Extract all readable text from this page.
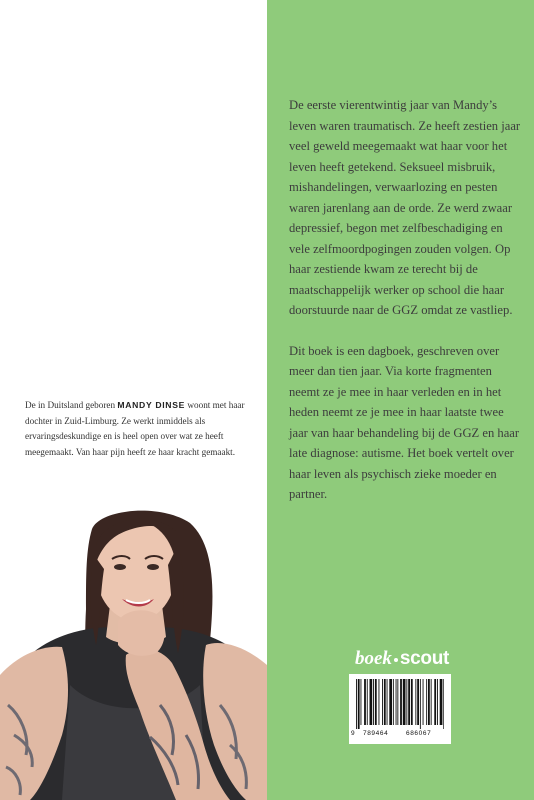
De in Duitsland geboren MANDY DINSE woont met haar dochter in Zuid-Limburg. Ze werkt inmiddels als ervaringsdeskundige en is heel open over wat ze heeft meegemaakt. Van haar pijn heeft ze haar kracht gemaakt.

De eerste vierentwintig jaar van Mandy’s leven waren traumatisch. Ze heeft zestien jaar veel geweld meegemaakt wat haar voor het leven heeft getekend. Seksueel misbruik, mishandelingen, verwaarlozing en pesten waren jarenlang aan de orde. Ze werd zwaar depressief, begon met zelfbeschadiging en vele zelfmoordpogingen zouden volgen. Op haar zestiende kwam ze terecht bij de maatschappelijk werker op school die haar doorstuurde naar de GGZ omdat ze vastliep.

Dit boek is een dagboek, geschreven over meer dan tien jaar. Via korte fragmenten neemt ze je mee in haar verleden en in het heden neemt ze je mee in haar laatste twee jaar van haar behandeling bij de GGZ en haar late diagnose: autisme. Het boek vertelt over haar leven als psychisch zieke moeder en partner.

boek scout
9 789464	686067
